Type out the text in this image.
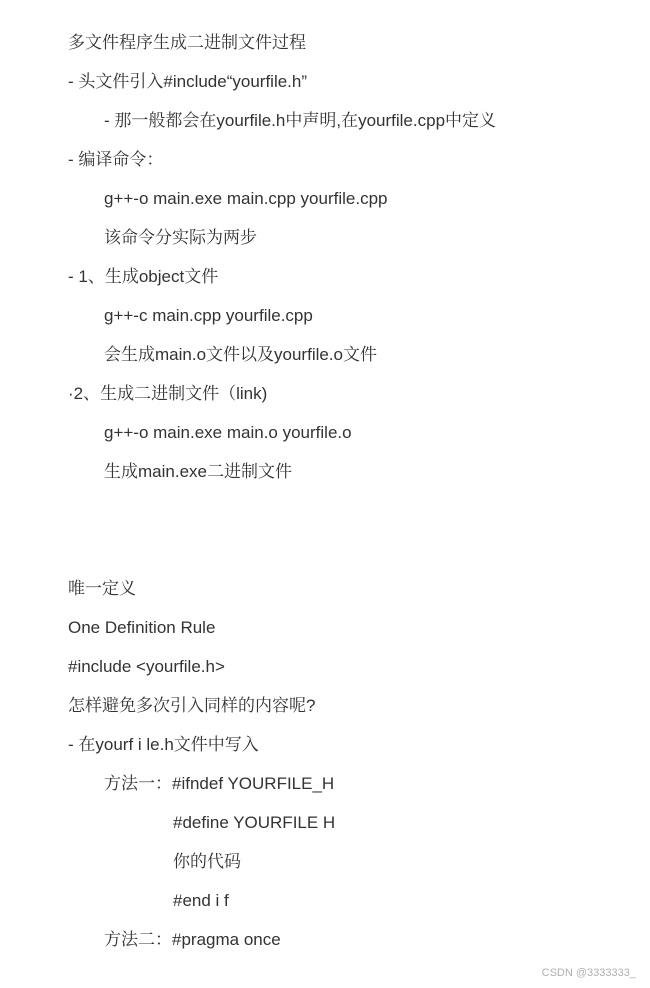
多文件程序生成二进制文件过程
- 头文件引入#include“yourfile.h”
- 那一般都会在yourfile.h中声明,在yourfile.cpp中定义
- 编译命令：
g++-o main.exe main.cpp yourfile.cpp
该命令分实际为两步
- 1、生成object文件
g++-c main.cpp yourfile.cpp
会生成main.o文件以及yourfile.o文件
·2、生成二进制文件（link)
g++-o main.exe main.o yourfile.o
生成main.exe二进制文件
唯一定义
One Definition Rule
#include <yourfile.h>
怎样避免多次引入同样的内容呢?
- 在yourf i le.h文件中写入
方法一：#ifndef YOURFILE_H
#define YOURFILE H
你的代码
#end i f
方法二：#pragma once
CSDN @3333333_
